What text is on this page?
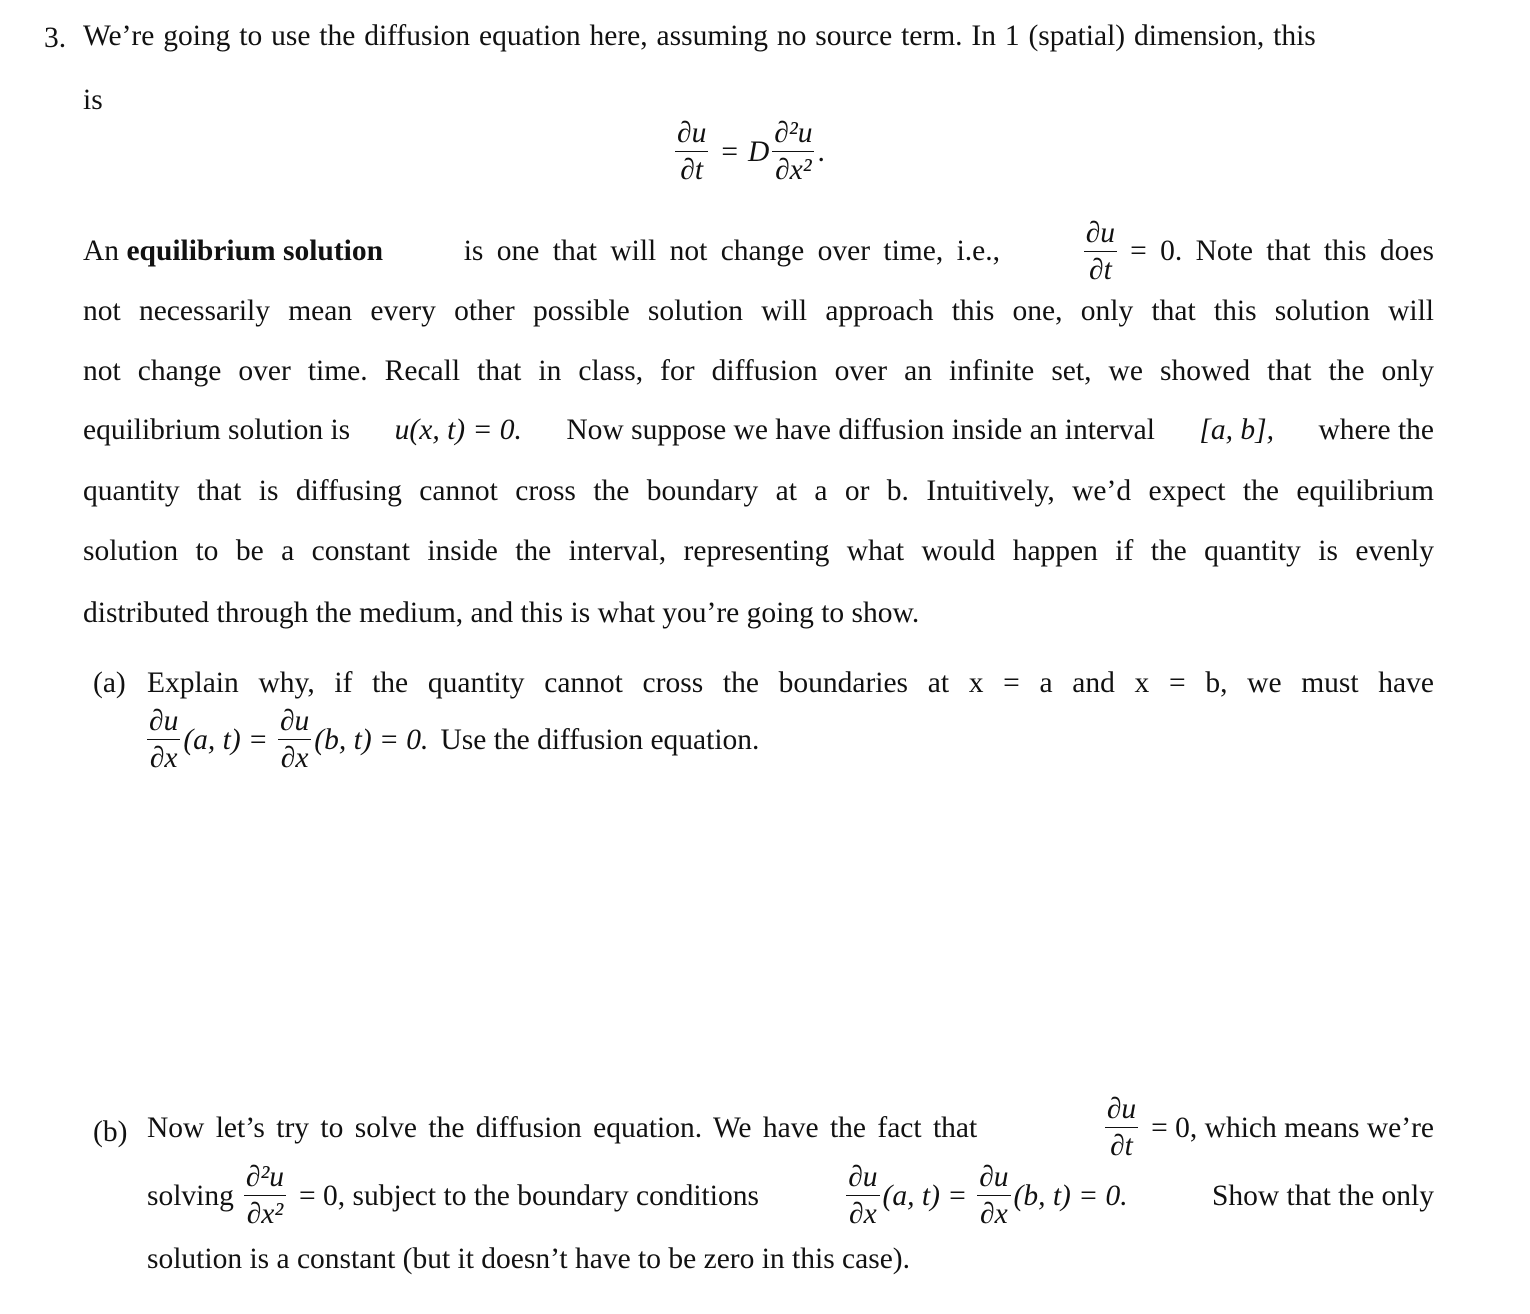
3. We’re going to use the diffusion equation here, assuming no source term. In 1 (spatial) dimension, this
is
$\frac{\partial u}{\partial t} = D \frac{\text{∂²u}}{\text{∂x²}}$ .
An equilibrium solution	is one that will not change over time, i.e.,	$\frac{\partial u}{\partial t} = 0$. Note that this does
not necessarily mean every other possible solution will approach this one, only that this solution will
not change over time. Recall that in class, for diffusion over an infinite set, we showed that the only
equilibrium solution is u(x, t) = 0. Now suppose we have diffusion inside an interval [a, b], where the
quantity that is diffusing cannot cross the boundary at a or b. Intuitively, we’d expect the equilibrium
solution to be a constant inside the interval, representing what would happen if the quantity is evenly
distributed through the medium, and this is what you’re going to show.
(a) Explain why, if the quantity cannot cross the boundaries at x = a and x = b, we must have
$\frac{\partial u}{\partial x} (a$, $t) = \frac{\partial u}{\partial x} (b$, t) = 0. Use the diffusion equation.
(b) Now let’s try to solve the diffusion equation. We have the fact that	$\frac{\partial u}{\partial t} = 0$, which means we’re
solving $\frac{\text{∂²u}}{\text{∂x²}} = 0$, subject to the boundary conditions	$\frac{\partial u}{\partial x} (a$, $t) = \frac{\partial u}{\partial x} (b$, t) = 0.	Show that the only
solution is a constant (but it doesn’t have to be zero in this case).
